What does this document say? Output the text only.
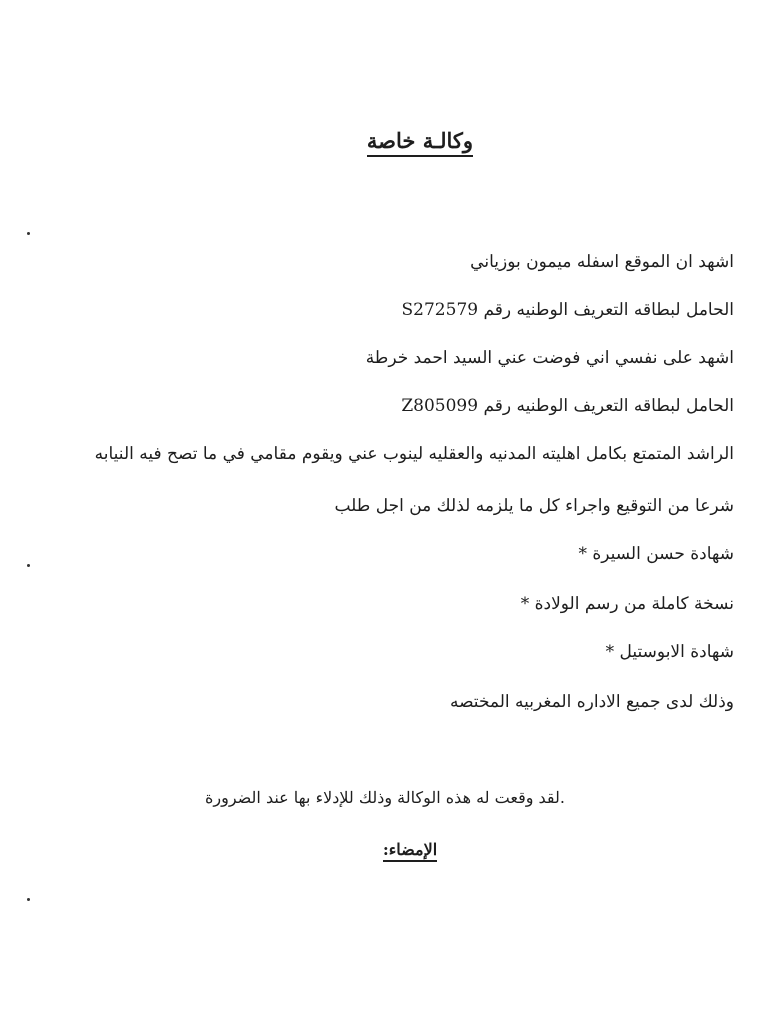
وكالـة خاصة
اشهد ان الموقع اسفله ميمون بوزياني
الحامل لبطاقه التعريف الوطنيه رقم S272579
اشهد على نفسي اني فوضت عني السيد احمد خرطة
الحامل لبطاقه التعريف الوطنيه رقم Z805099
الراشد المتمتع بكامل اهليته المدنيه والعقليه لينوب عني ويقوم مقامي في ما تصح فيه النيابه
شرعا من التوقيع واجراء كل ما يلزمه لذلك من اجل طلب
شهادة حسن السيرة *
نسخة كاملة من رسم الولادة *
شهادة الابوستيل *
وذلك لدى جميع الاداره المغربيه المختصه
.لقد وقعت له هذه الوكالة وذلك للإدلاء بها عند الضرورة
الإمضاء:
